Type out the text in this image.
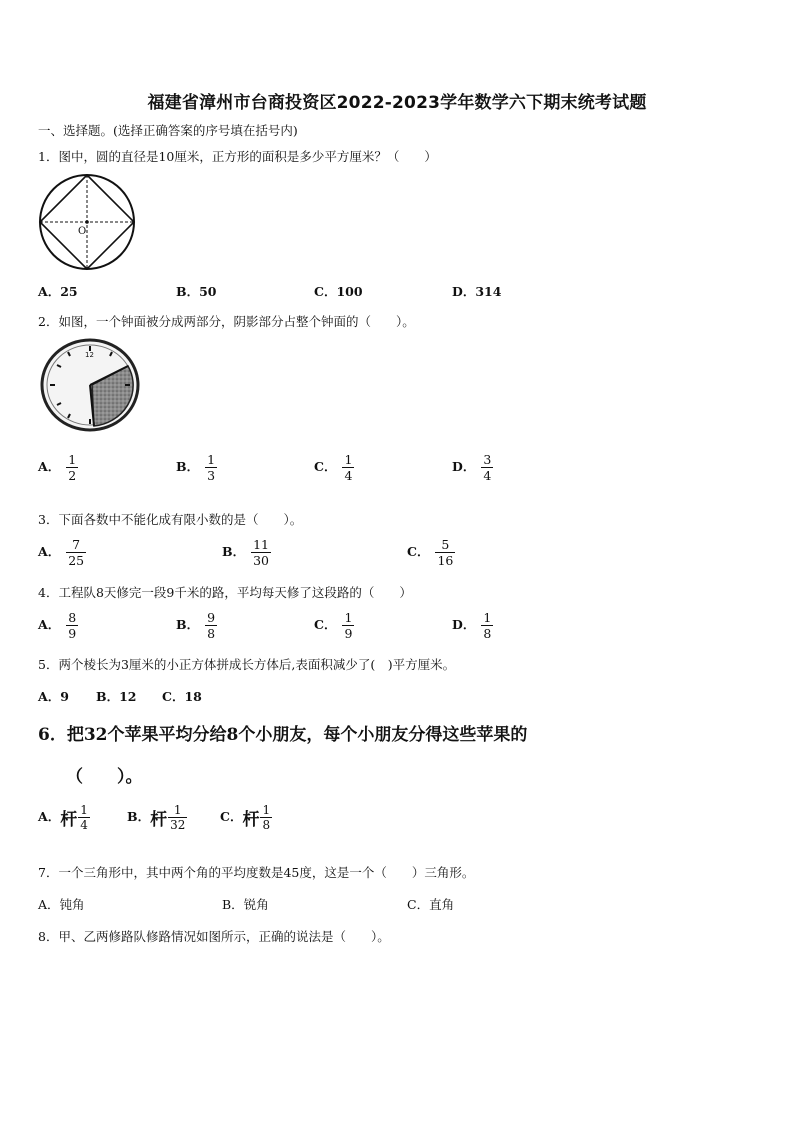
福建省漳州市台商投资区2022-2023学年数学六下期末统考试题
一、选择题。(选择正确答案的序号填在括号内)
1．图中，圆的直径是10厘米，正方形的面积是多少平方厘米？（　　）
O
A．25	B．50	C．100	D．314
2．如图，一个钟面被分成两部分，阴影部分占整个钟面的（　　）。
12
A． $\frac{1}{2}$	B． $\frac{1}{3}$	C． $\frac{1}{4}$	D． $\frac{3}{4}$
3．下面各数中不能化成有限小数的是（　　）。
A． $\frac{7}{25}$	B． $\frac{11}{30}$	C． $\frac{5}{16}$
4．工程队8天修完一段9千米的路，平均每天修了这段路的（　　）
A． $\frac{8}{9}$	B． $\frac{9}{8}$	C． $\frac{1}{9}$	D． $\frac{1}{8}$
5．两个棱长为3厘米的小正方体拼成长方体后,表面积减少了(　)平方厘米。
A．9 B．12 C．18
6．把32个苹果平均分给8个小朋友，每个小朋友分得这些苹果的
（　　）。
A．杆 $\frac{1}{4}$	B．杆 $\frac{1}{32}$	C．杆 $\frac{1}{8}$
7．一个三角形中，其中两个角的平均度数是45度，这是一个（　　）三角形。
A．钝角	B．锐角	C．直角
8．甲、乙两修路队修路情况如图所示，正确的说法是（　　）。
